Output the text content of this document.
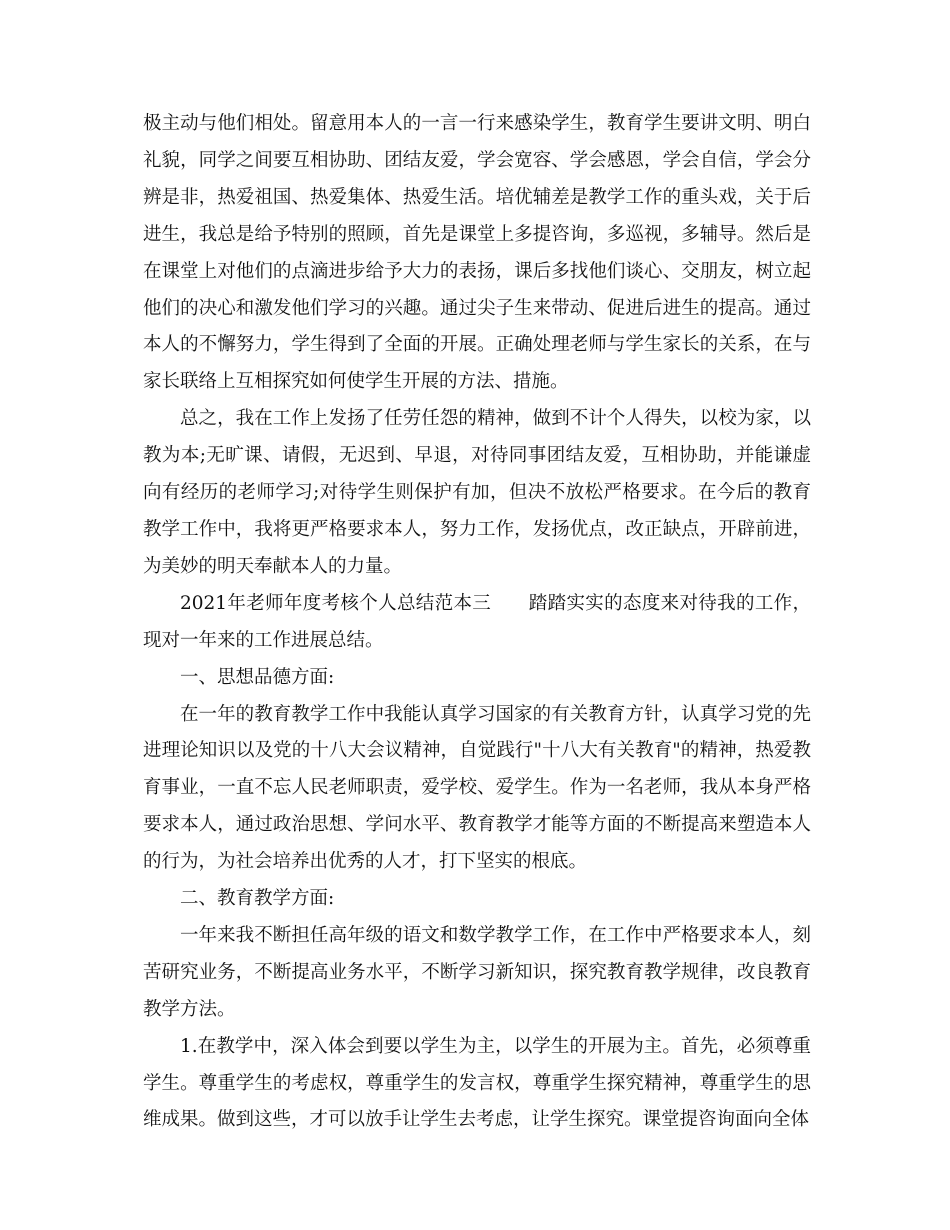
极主动与他们相处。留意用本人的一言一行来感染学生，教育学生要讲文明、明白礼貌，同学之间要互相协助、团结友爱，学会宽容、学会感恩，学会自信，学会分辨是非，热爱祖国、热爱集体、热爱生活。培优辅差是教学工作的重头戏，关于后进生，我总是给予特别的照顾，首先是课堂上多提咨询，多巡视，多辅导。然后是在课堂上对他们的点滴进步给予大力的表扬，课后多找他们谈心、交朋友，树立起他们的决心和激发他们学习的兴趣。通过尖子生来带动、促进后进生的提高。通过本人的不懈努力，学生得到了全面的开展。正确处理老师与学生家长的关系，在与家长联络上互相探究如何使学生开展的方法、措施。

总之，我在工作上发扬了任劳任怨的精神，做到不计个人得失，以校为家，以教为本;无旷课、请假，无迟到、早退，对待同事团结友爱，互相协助，并能谦虚向有经历的老师学习;对待学生则保护有加，但决不放松严格要求。在今后的教育教学工作中，我将更严格要求本人，努力工作，发扬优点，改正缺点，开辟前进，为美妙的明天奉献本人的力量。

2021年老师年度考核个人总结范本三　　踏踏实实的态度来对待我的工作，现对一年来的工作进展总结。

一、思想品德方面:

在一年的教育教学工作中我能认真学习国家的有关教育方针，认真学习党的先进理论知识以及党的十八大会议精神，自觉践行"十八大有关教育"的精神，热爱教育事业，一直不忘人民老师职责，爱学校、爱学生。作为一名老师，我从本身严格要求本人，通过政治思想、学问水平、教育教学才能等方面的不断提高来塑造本人的行为，为社会培养出优秀的人才，打下坚实的根底。

二、教育教学方面:

一年来我不断担任高年级的语文和数学教学工作，在工作中严格要求本人，刻苦研究业务，不断提高业务水平，不断学习新知识，探究教育教学规律，改良教育教学方法。

1.在教学中，深入体会到要以学生为主，以学生的开展为主。首先，必须尊重学生。尊重学生的考虑权，尊重学生的发言权，尊重学生探究精神，尊重学生的思维成果。做到这些，才可以放手让学生去考虑，让学生探究。课堂提咨询面向全体
